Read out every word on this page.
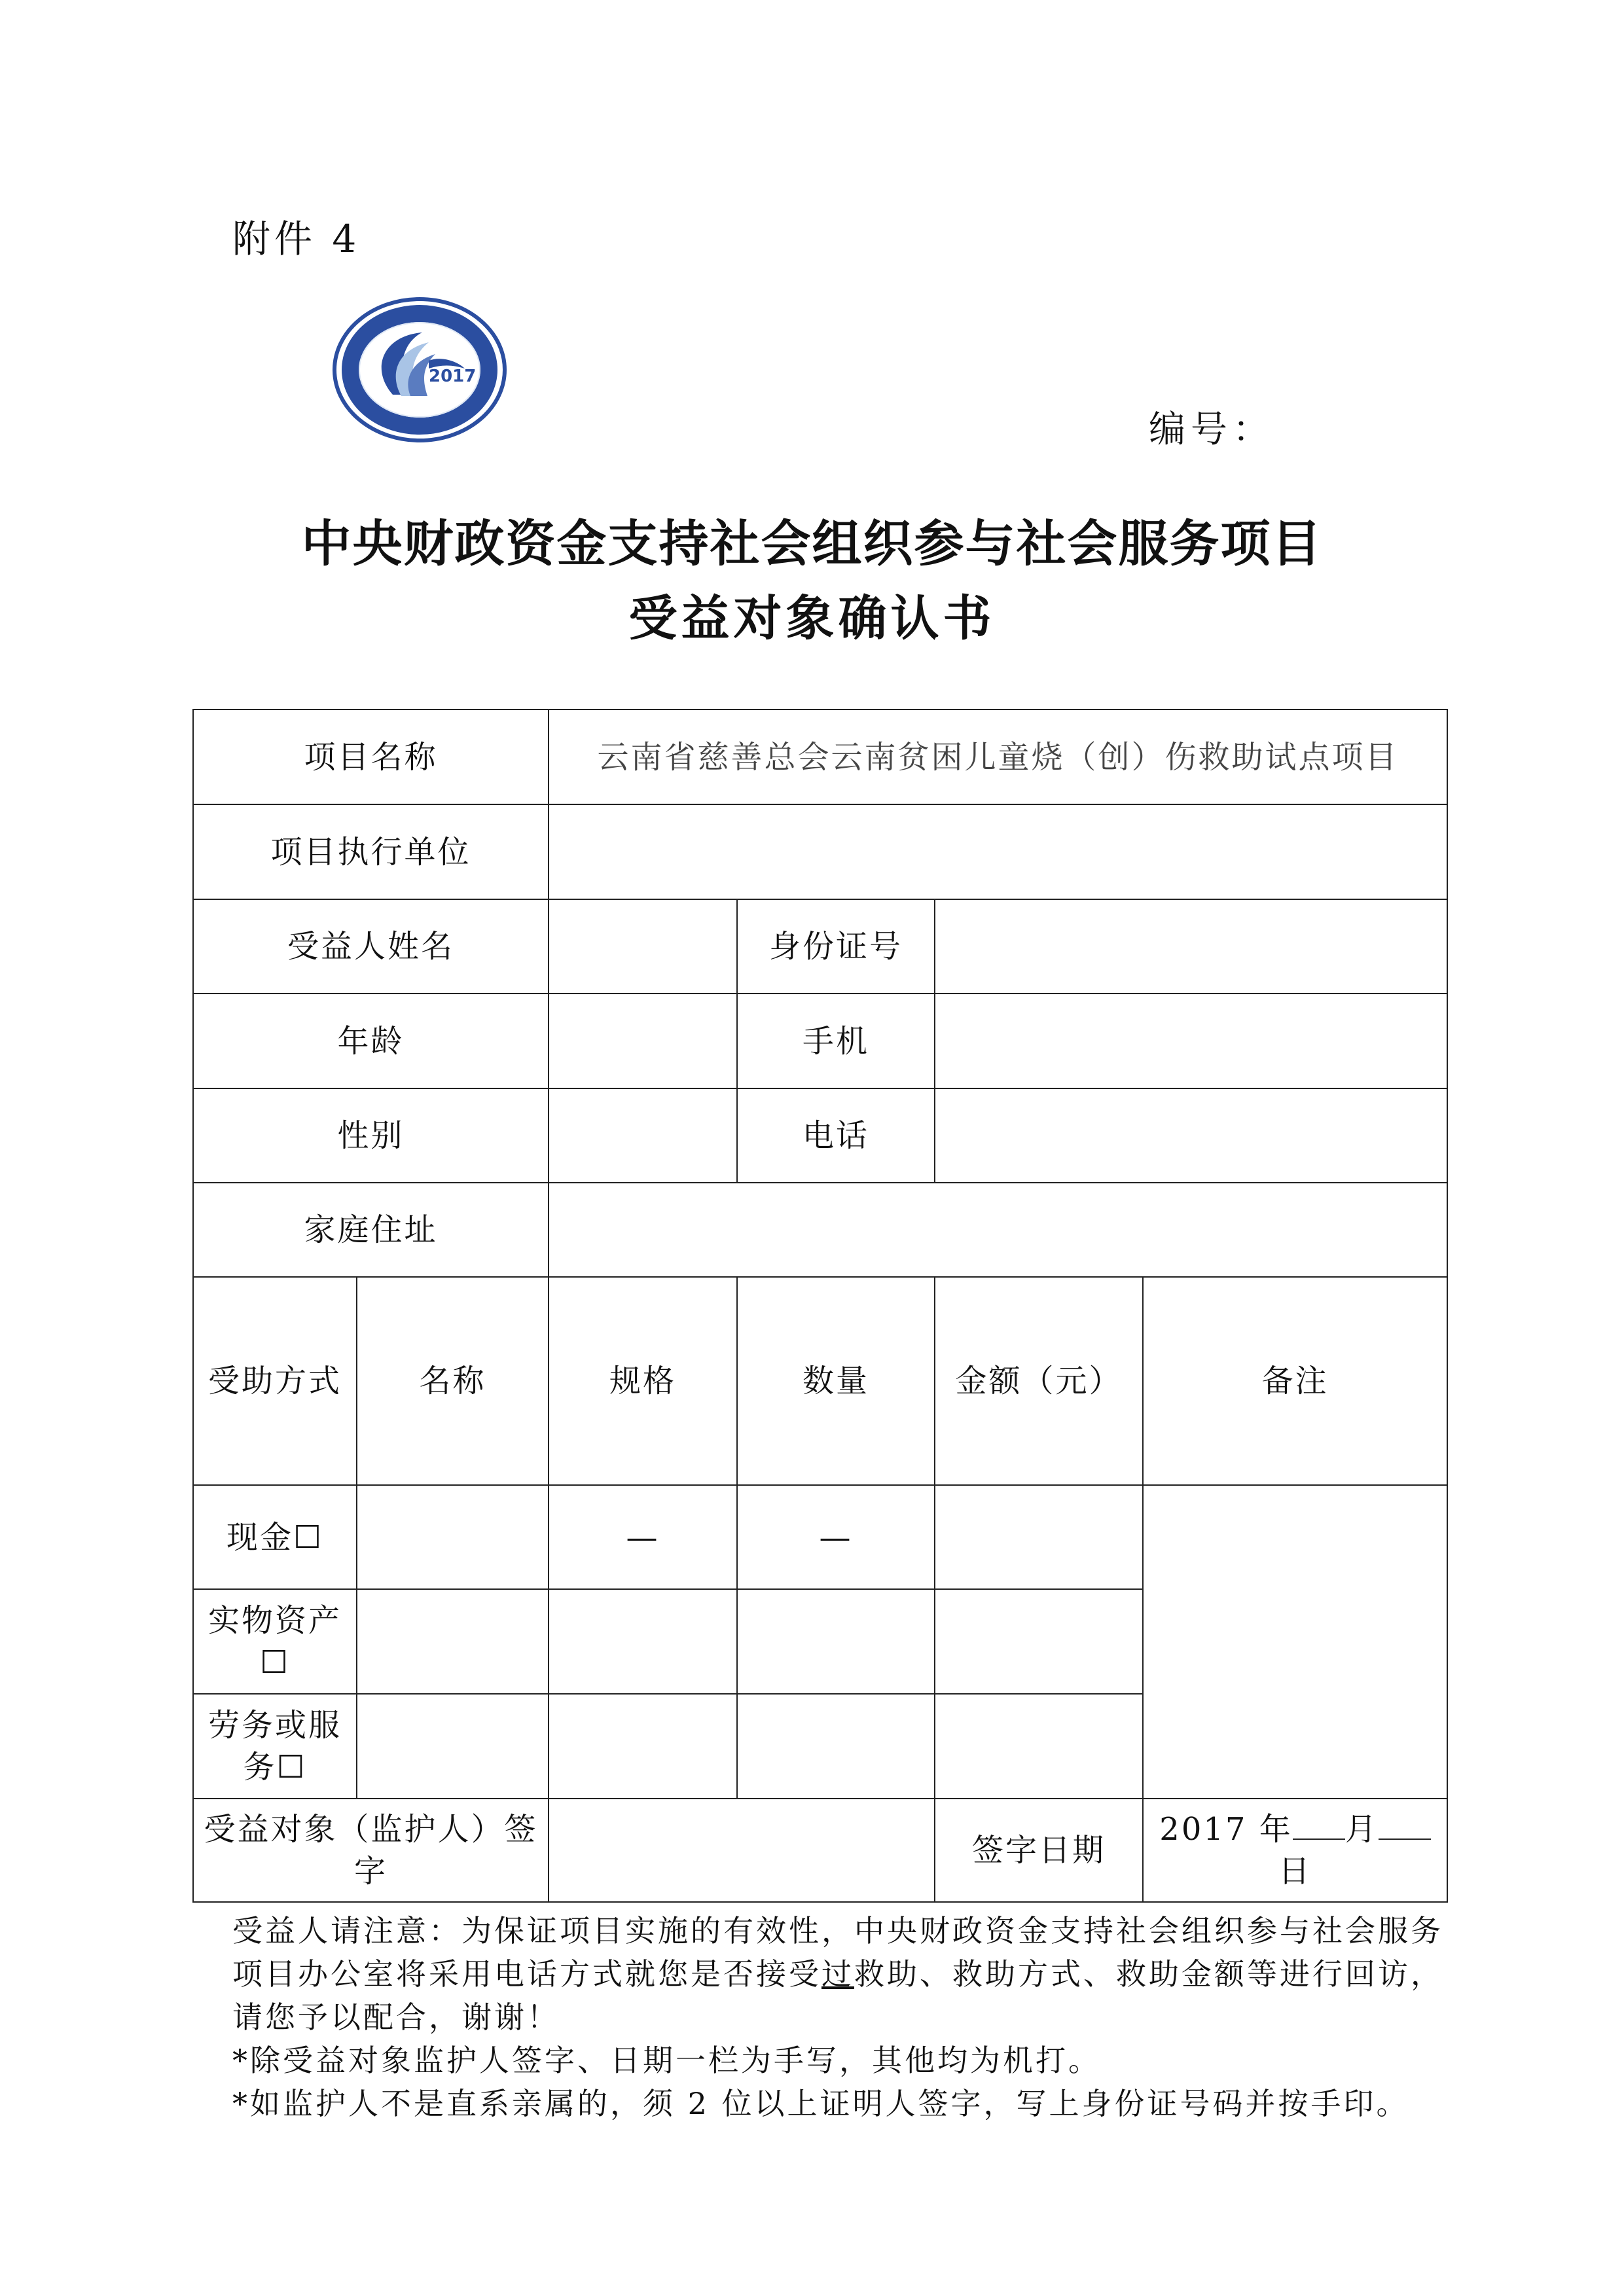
附件 4
2017
编号：
中央财政资金支持社会组织参与社会服务项目
受益对象确认书
项目名称		云南省慈善总会云南贫困儿童烧（创）伤救助试点项目			
项目执行单位					
受益人姓名			身份证号		
年龄			手机		
性别			电话		
家庭住址					
受助方式	名称	规格	数量	金额（元）	备注
现金☐		—	—		
实物资产☐					
劳务或服务☐					
受益对象（监护人）签字				签字日期	2017 年 月日

受益人请注意：为保证项目实施的有效性，中央财政资金支持社会组织参与社会服务项目办公室将采用电话方式就您是否接受过救助、救助方式、救助金额等进行回访，请您予以配合，谢谢！

*除受益对象监护人签字、日期一栏为手写，其他均为机打。

*如监护人不是直系亲属的，须 2 位以上证明人签字，写上身份证号码并按手印。
